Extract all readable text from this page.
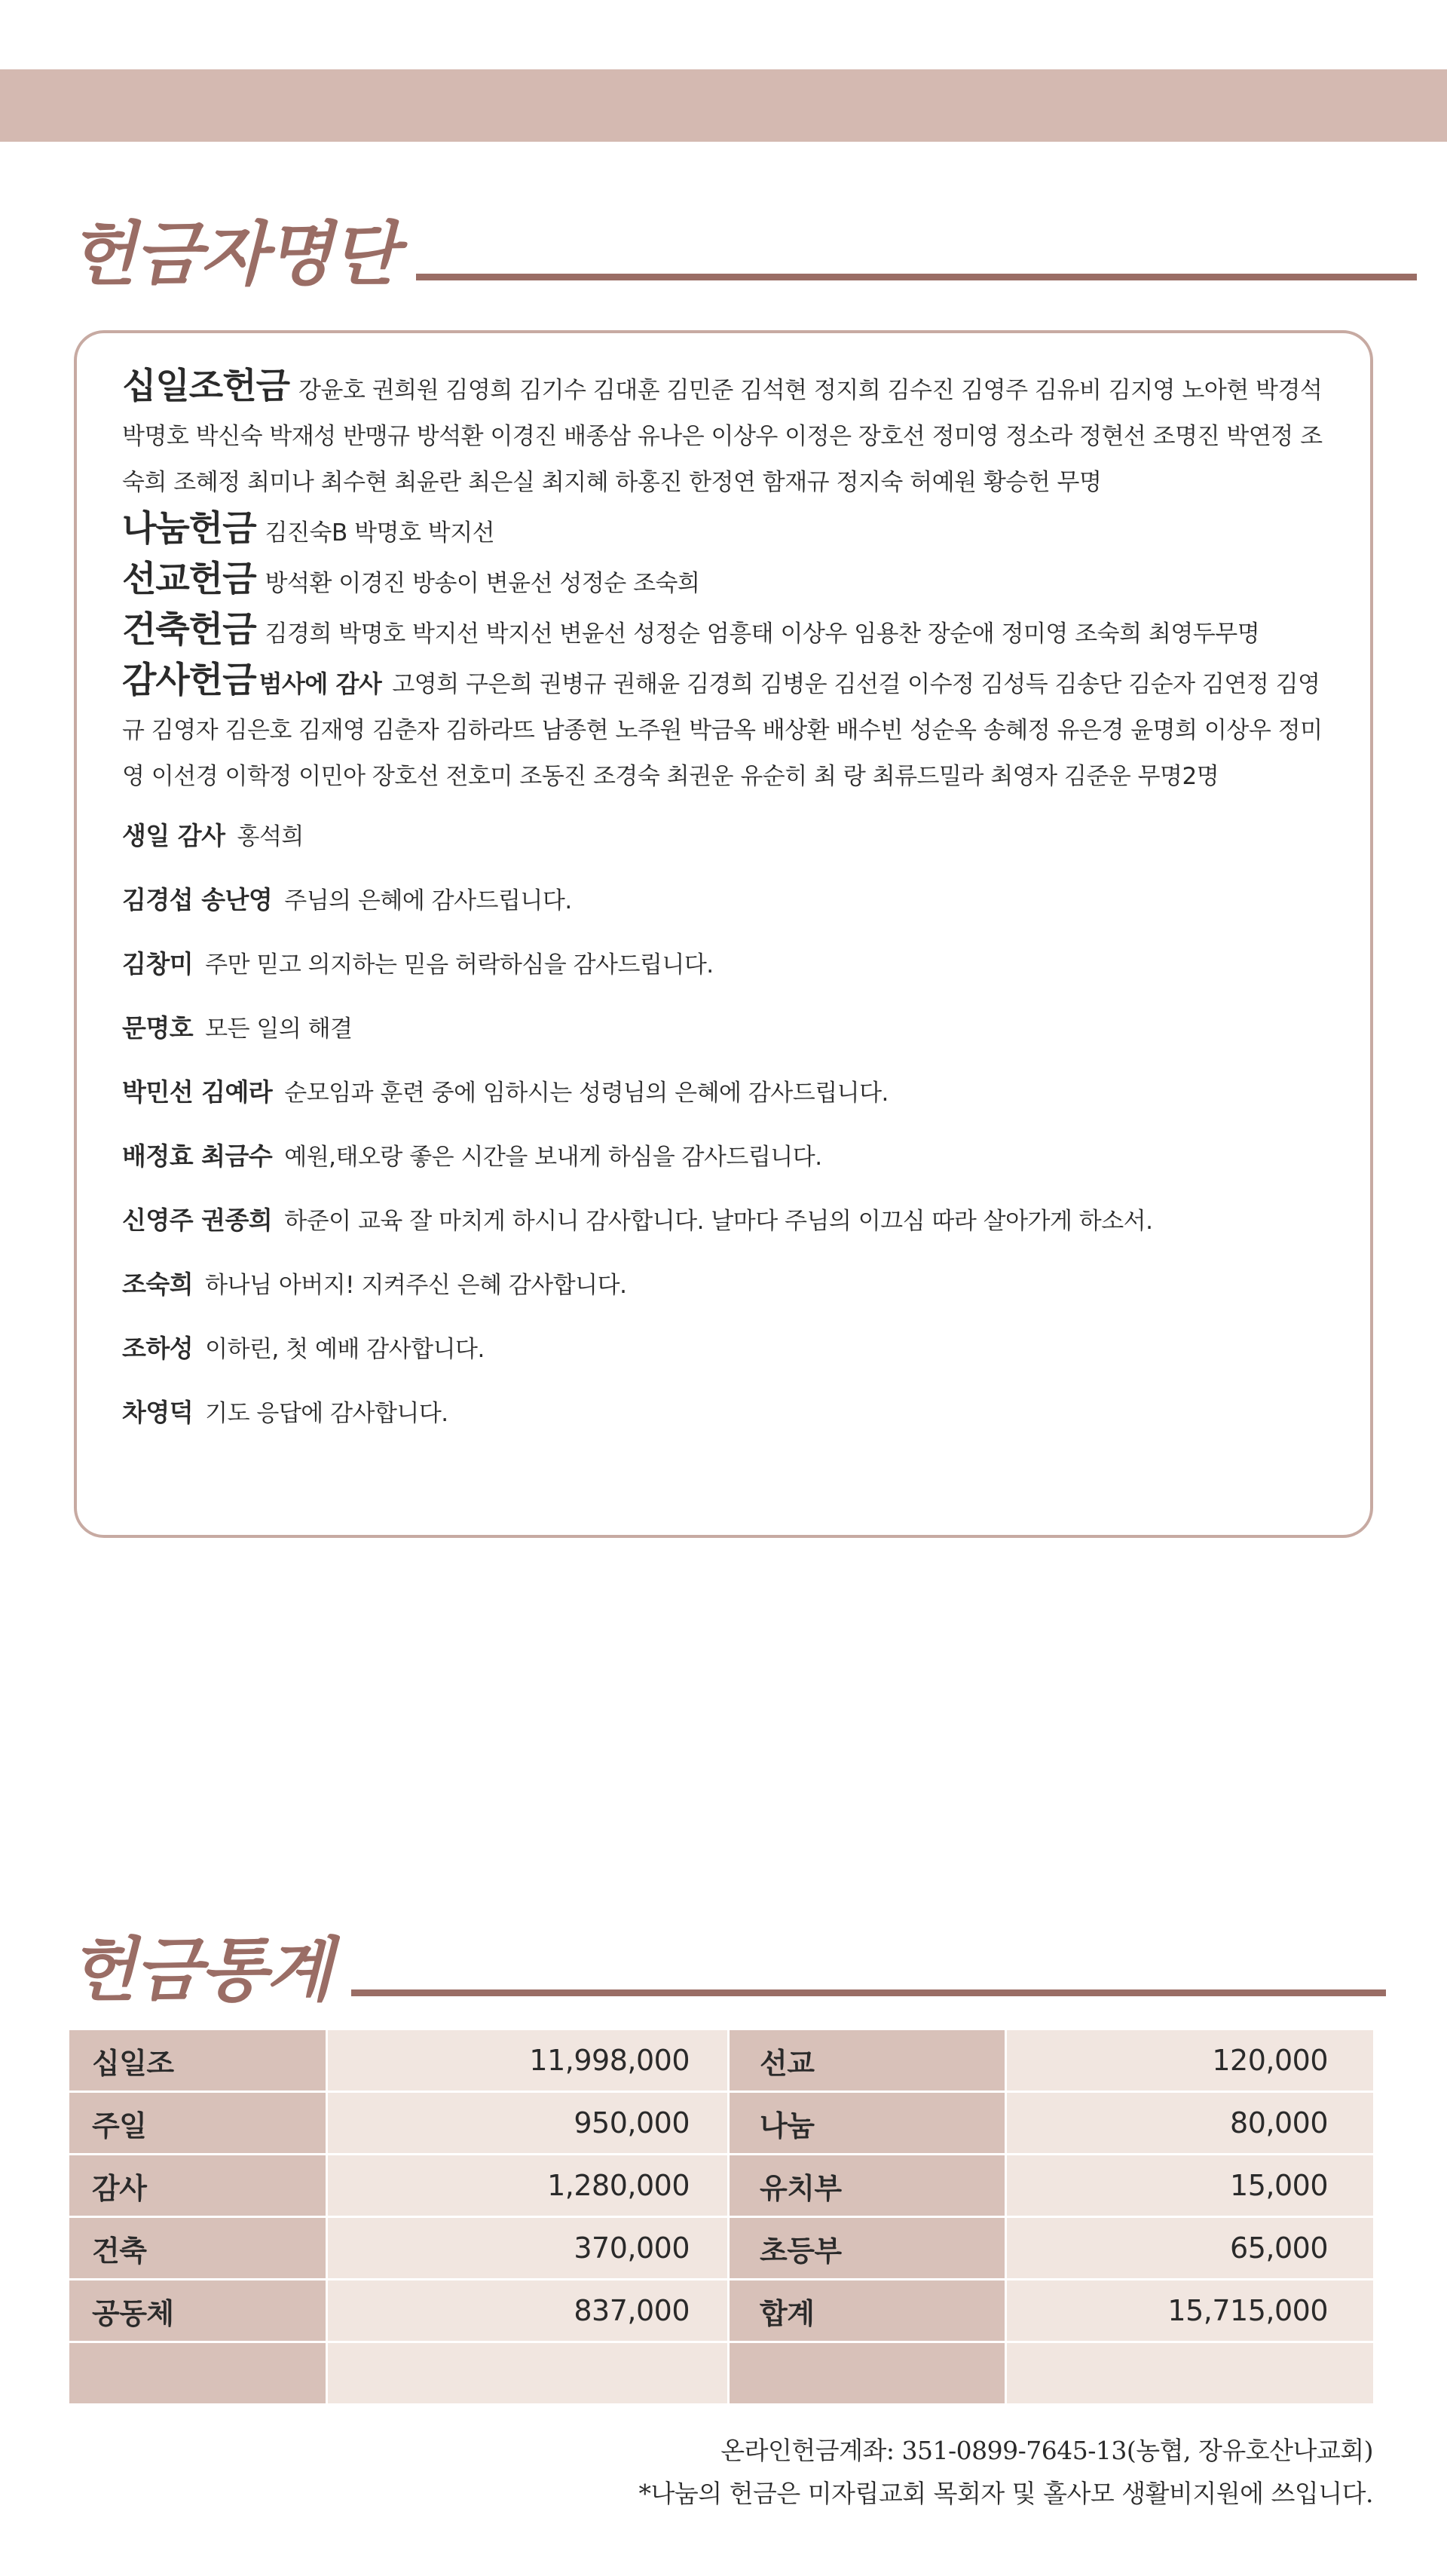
헌금자명단
십일조헌금 강윤호 권희원 김영희 김기수 김대훈 김민준 김석현 정지희 김수진 김영주 김유비 김지영 노아현 박경석 박명호 박신숙 박재성 반맹규 방석환 이경진 배종삼 유나은 이상우 이정은 장호선 정미영 정소라 정현선 조명진 박연정 조숙희 조혜정 최미나 최수현 최윤란 최은실 최지혜 하홍진 한정연 함재규 정지숙 허예원 황승헌 무명
나눔헌금 김진숙B 박명호 박지선
선교헌금 방석환 이경진 방송이 변윤선 성정순 조숙희
건축헌금 김경희 박명호 박지선 박지선 변윤선 성정순 엄흥태 이상우 임용찬 장순애 정미영 조숙희 최영두무명
감사헌금 범사에 감사 고영희 구은희 권병규 권해윤 김경희 김병운 김선걸 이수정 김성득 김송단 김순자 김연정 김영규 김영자 김은호 김재영 김춘자 김하라뜨 남종현 노주원 박금옥 배상환 배수빈 성순옥 송혜정 유은경 윤명희 이상우 정미영 이선경 이학정 이민아 장호선 전호미 조동진 조경숙 최권운 유순히 최 랑 최류드밀라 최영자 김준운 무명2명
생일 감사 홍석희
김경섭 송난영 주님의 은혜에 감사드립니다.
김창미 주만 믿고 의지하는 믿음 허락하심을 감사드립니다.
문명호 모든 일의 해결
박민선 김예라 순모임과 훈련 중에 임하시는 성령님의 은혜에 감사드립니다.
배정효 최금수 예원,태오랑 좋은 시간을 보내게 하심을 감사드립니다.
신영주 권종희 하준이 교육 잘 마치게 하시니 감사합니다. 날마다 주님의 이끄심 따라 살아가게 하소서.
조숙희 하나님 아버지! 지켜주신 은혜 감사합니다.
조하성 이하린, 첫 예배 감사합니다.
차영덕 기도 응답에 감사합니다.
헌금통계
십일조	11,998,000	선교	120,000
주일	950,000	나눔	80,000
감사	1,280,000	유치부	15,000
건축	370,000	초등부	65,000
공동체	837,000	합계	15,715,000
온라인헌금계좌: 351-0899-7645-13(농협, 장유호산나교회)
*나눔의 헌금은 미자립교회 목회자 및 홀사모 생활비지원에 쓰입니다.
